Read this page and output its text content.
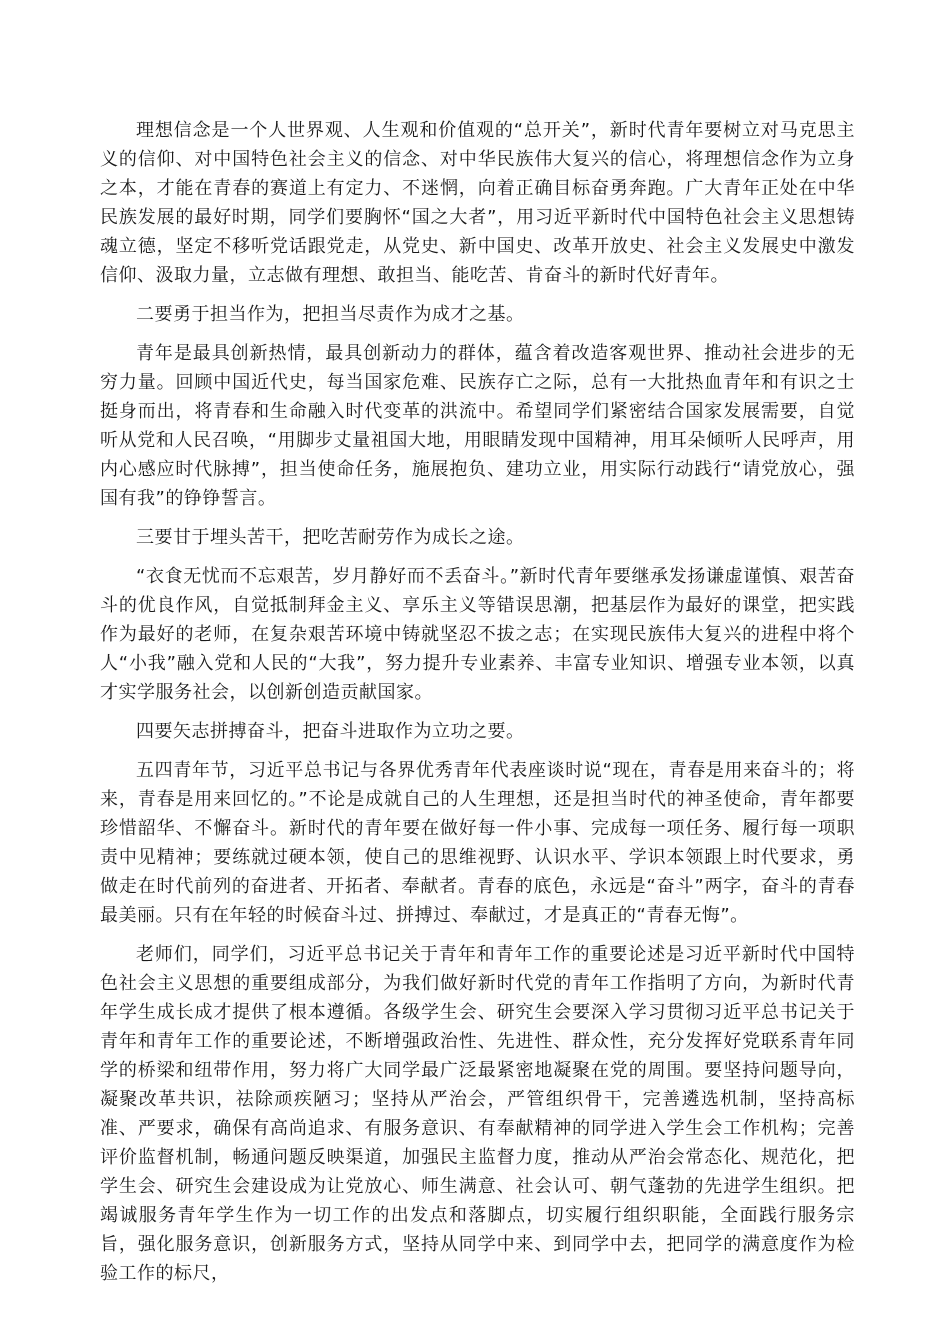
理想信念是一个人世界观、人生观和价值观的“总开关”，新时代青年要树立对马克思主义的信仰、对中国特色社会主义的信念、对中华民族伟大复兴的信心，将理想信念作为立身之本，才能在青春的赛道上有定力、不迷惘，向着正确目标奋勇奔跑。广大青年正处在中华民族发展的最好时期，同学们要胸怀“国之大者”，用习近平新时代中国特色社会主义思想铸魂立德，坚定不移听党话跟党走，从党史、新中国史、改革开放史、社会主义发展史中激发信仰、汲取力量，立志做有理想、敢担当、能吃苦、肯奋斗的新时代好青年。

二要勇于担当作为，把担当尽责作为成才之基。

青年是最具创新热情，最具创新动力的群体，蕴含着改造客观世界、推动社会进步的无穷力量。回顾中国近代史，每当国家危难、民族存亡之际，总有一大批热血青年和有识之士挺身而出，将青春和生命融入时代变革的洪流中。希望同学们紧密结合国家发展需要，自觉听从党和人民召唤，“用脚步丈量祖国大地，用眼睛发现中国精神，用耳朵倾听人民呼声，用内心感应时代脉搏”，担当使命任务，施展抱负、建功立业，用实际行动践行“请党放心，强国有我”的铮铮誓言。

三要甘于埋头苦干，把吃苦耐劳作为成长之途。

“衣食无忧而不忘艰苦，岁月静好而不丢奋斗。”新时代青年要继承发扬谦虚谨慎、艰苦奋斗的优良作风，自觉抵制拜金主义、享乐主义等错误思潮，把基层作为最好的课堂，把实践作为最好的老师，在复杂艰苦环境中铸就坚忍不拔之志；在实现民族伟大复兴的进程中将个人“小我”融入党和人民的“大我”，努力提升专业素养、丰富专业知识、增强专业本领，以真才实学服务社会，以创新创造贡献国家。

四要矢志拼搏奋斗，把奋斗进取作为立功之要。

五四青年节，习近平总书记与各界优秀青年代表座谈时说“现在，青春是用来奋斗的；将来，青春是用来回忆的。”不论是成就自己的人生理想，还是担当时代的神圣使命，青年都要珍惜韶华、不懈奋斗。新时代的青年要在做好每一件小事、完成每一项任务、履行每一项职责中见精神；要练就过硬本领，使自己的思维视野、认识水平、学识本领跟上时代要求，勇做走在时代前列的奋进者、开拓者、奉献者。青春的底色，永远是“奋斗”两字，奋斗的青春最美丽。只有在年轻的时候奋斗过、拼搏过、奉献过，才是真正的“青春无悔”。

老师们，同学们，习近平总书记关于青年和青年工作的重要论述是习近平新时代中国特色社会主义思想的重要组成部分，为我们做好新时代党的青年工作指明了方向，为新时代青年学生成长成才提供了根本遵循。各级学生会、研究生会要深入学习贯彻习近平总书记关于青年和青年工作的重要论述，不断增强政治性、先进性、群众性，充分发挥好党联系青年同学的桥梁和纽带作用，努力将广大同学最广泛最紧密地凝聚在党的周围。要坚持问题导向，凝聚改革共识，祛除顽疾陋习；坚持从严治会，严管组织骨干，完善遴选机制，坚持高标准、严要求，确保有高尚追求、有服务意识、有奉献精神的同学进入学生会工作机构；完善评价监督机制，畅通问题反映渠道，加强民主监督力度，推动从严治会常态化、规范化，把学生会、研究生会建设成为让党放心、师生满意、社会认可、朝气蓬勃的先进学生组织。把竭诚服务青年学生作为一切工作的出发点和落脚点，切实履行组织职能，全面践行服务宗旨，强化服务意识，创新服务方式，坚持从同学中来、到同学中去，把同学的满意度作为检验工作的标尺，
